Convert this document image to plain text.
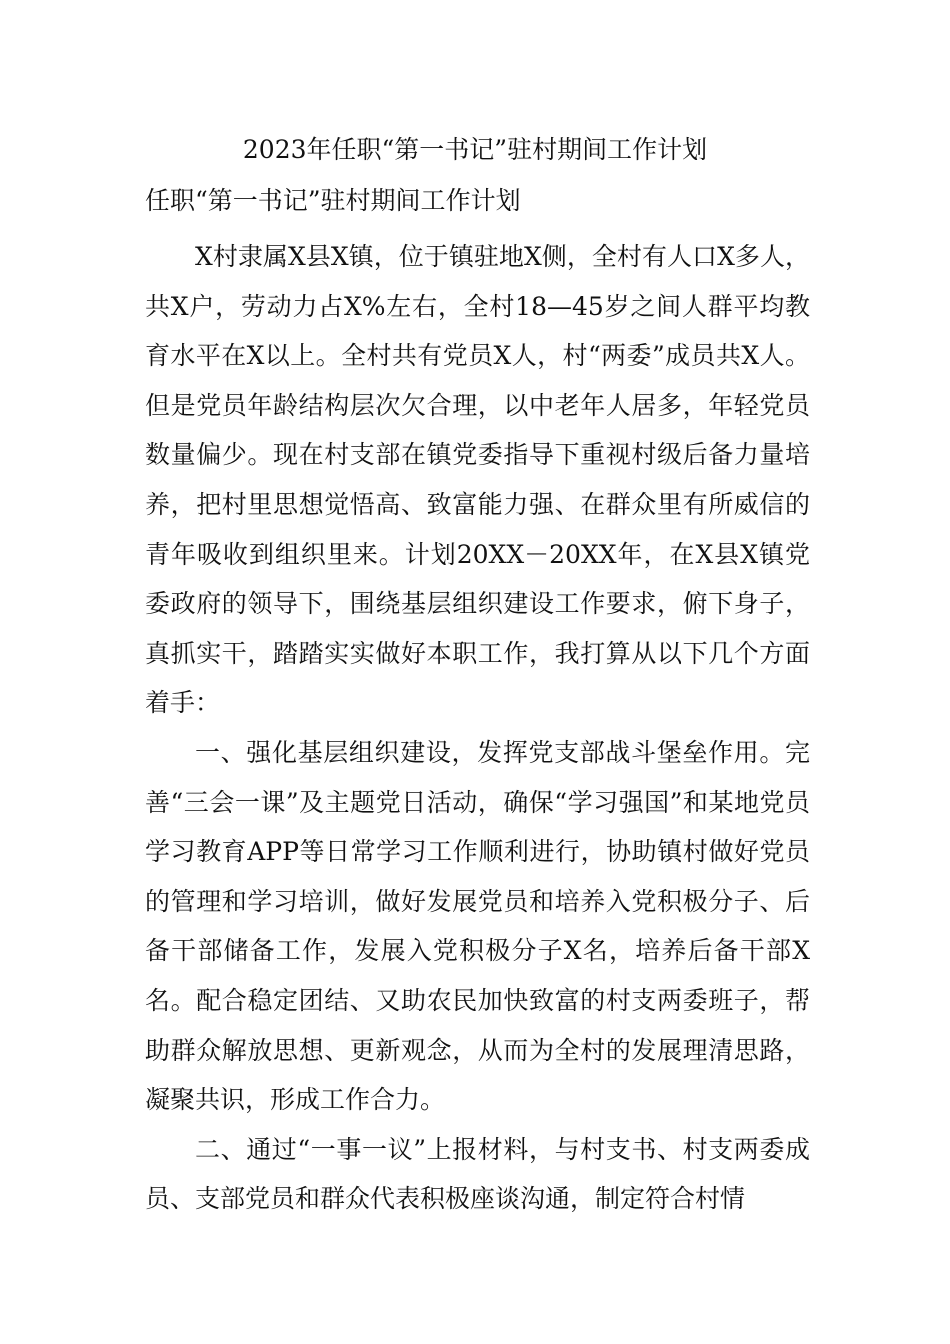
2023年任职“第一书记”驻村期间工作计划
任职“第一书记”驻村期间工作计划

X村隶属X县X镇，位于镇驻地X侧，全村有人口X多人，共X户，劳动力占X%左右，全村18—45岁之间人群平均教育水平在X以上。全村共有党员X人，村“两委”成员共X人。但是党员年龄结构层次欠合理，以中老年人居多，年轻党员数量偏少。现在村支部在镇党委指导下重视村级后备力量培养，把村里思想觉悟高、致富能力强、在群众里有所威信的青年吸收到组织里来。计划20XX－20XX年，在X县X镇党委政府的领导下，围绕基层组织建设工作要求，俯下身子，真抓实干，踏踏实实做好本职工作，我打算从以下几个方面着手：

一、强化基层组织建设，发挥党支部战斗堡垒作用。完善“三会一课”及主题党日活动，确保“学习强国”和某地党员学习教育APP等日常学习工作顺利进行，协助镇村做好党员的管理和学习培训，做好发展党员和培养入党积极分子、后备干部储备工作，发展入党积极分子X名，培养后备干部X名。配合稳定团结、又助农民加快致富的村支两委班子，帮助群众解放思想、更新观念，从而为全村的发展理清思路，凝聚共识，形成工作合力。

二、通过“一事一议”上报材料，与村支书、村支两委成员、支部党员和群众代表积极座谈沟通，制定符合村情
